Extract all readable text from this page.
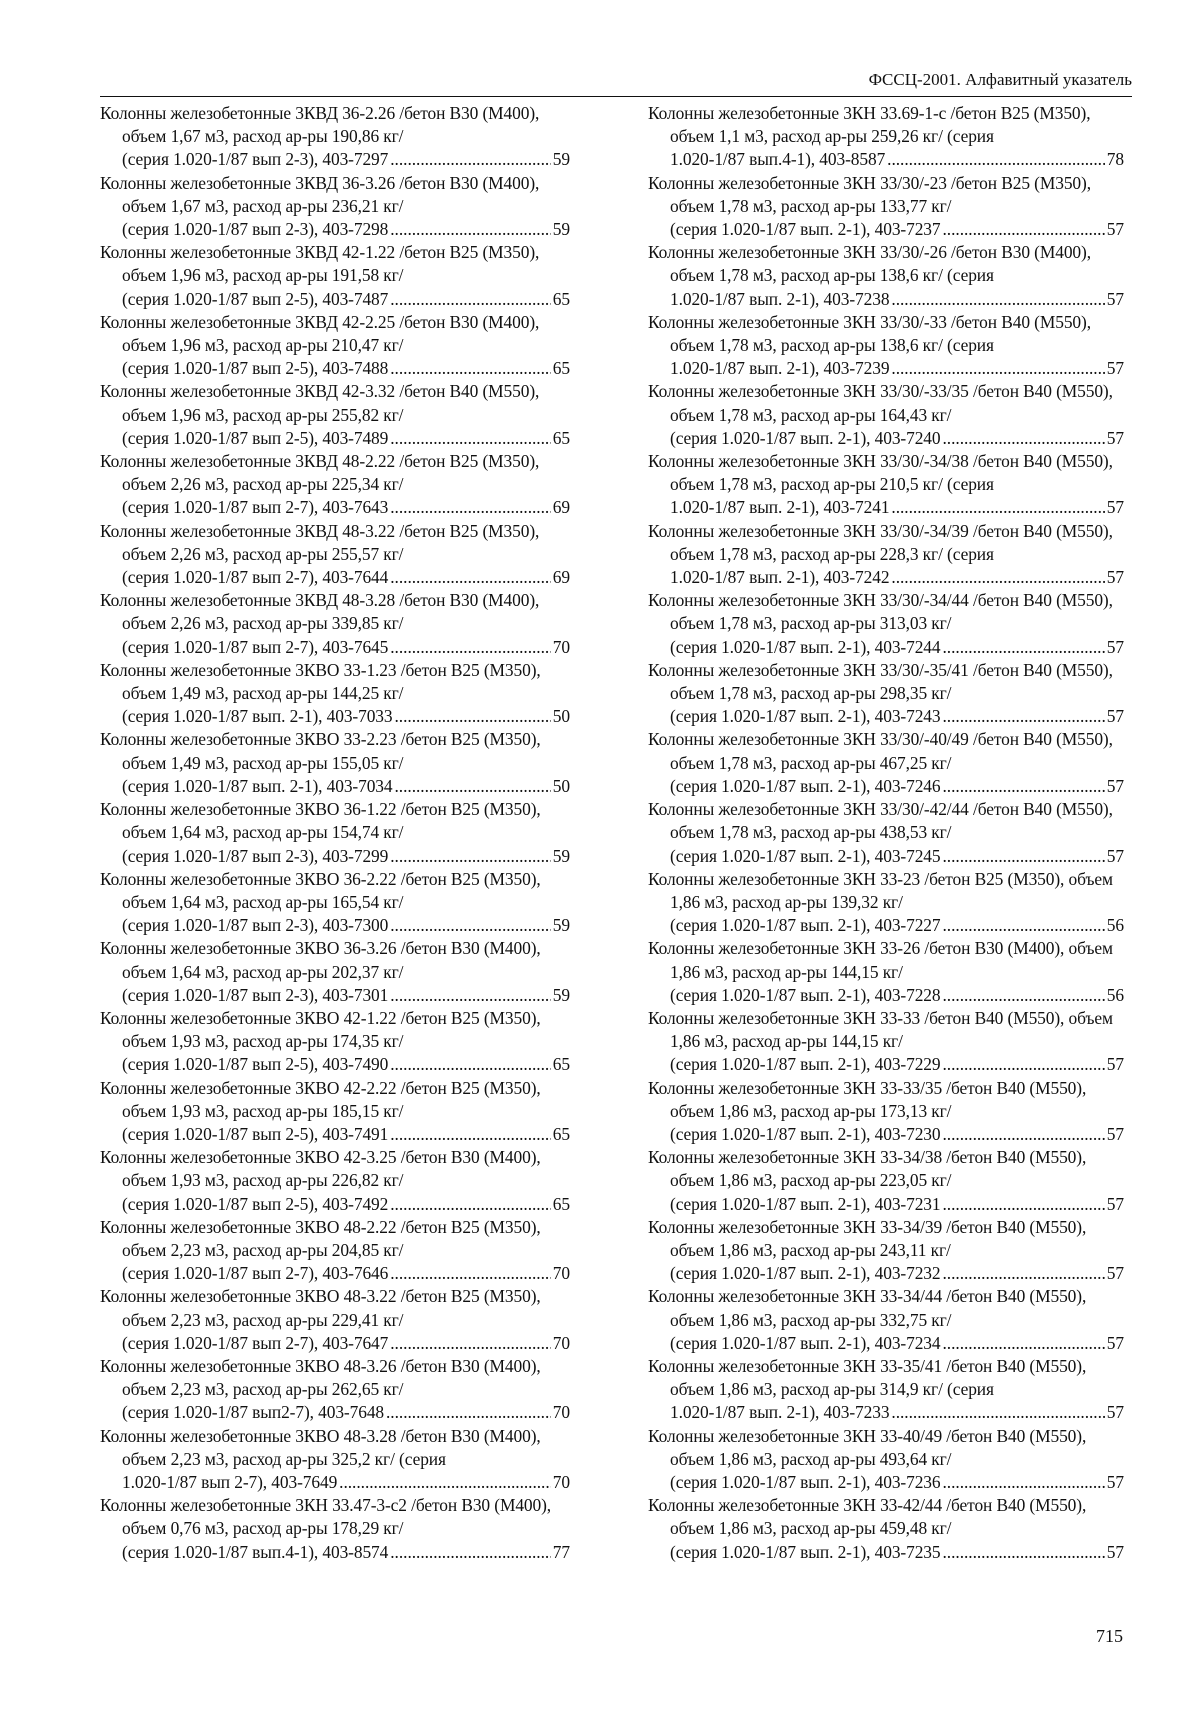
ФССЦ-2001. Алфавитный указатель
Колонны железобетонные 3КВД 36-2.26 /бетон В30 (М400), объем 1,67 м3, расход ар-ры 190,86 кг/
(серия 1.020-1/87 вып 2-3), 403-7297 . . .	59
Колонны железобетонные 3КВД 36-3.26 /бетон В30 (М400), объем 1,67 м3, расход ар-ры 236,21 кг/
(серия 1.020-1/87 вып 2-3), 403-7298 . . .	59
Колонны железобетонные 3КВД 42-1.22 /бетон В25 (М350), объем 1,96 м3, расход ар-ры 191,58 кг/
(серия 1.020-1/87 вып 2-5), 403-7487 . . .	65
Колонны железобетонные 3КВД 42-2.25 /бетон В30 (М400), объем 1,96 м3, расход ар-ры 210,47 кг/
(серия 1.020-1/87 вып 2-5), 403-7488 . . .	65
Колонны железобетонные 3КВД 42-3.32 /бетон В40 (М550), объем 1,96 м3, расход ар-ры 255,82 кг/
(серия 1.020-1/87 вып 2-5), 403-7489 . . .	65
Колонны железобетонные 3КВД 48-2.22 /бетон В25 (М350), объем 2,26 м3, расход ар-ры 225,34 кг/
(серия 1.020-1/87 вып 2-7), 403-7643 . . .	69
Колонны железобетонные 3КВД 48-3.22 /бетон В25 (М350), объем 2,26 м3, расход ар-ры 255,57 кг/
(серия 1.020-1/87 вып 2-7), 403-7644 . . .	69
Колонны железобетонные 3КВД 48-3.28 /бетон В30 (М400), объем 2,26 м3, расход ар-ры 339,85 кг/
(серия 1.020-1/87 вып 2-7), 403-7645 . . .	70
Колонны железобетонные 3КВО 33-1.23 /бетон В25 (М350), объем 1,49 м3, расход ар-ры 144,25 кг/
(серия 1.020-1/87 вып. 2-1), 403-7033 . . .	50
Колонны железобетонные 3КВО 33-2.23 /бетон В25 (М350), объем 1,49 м3, расход ар-ры 155,05 кг/
(серия 1.020-1/87 вып. 2-1), 403-7034 . . .	50
Колонны железобетонные 3КВО 36-1.22 /бетон В25 (М350), объем 1,64 м3, расход ар-ры 154,74 кг/
(серия 1.020-1/87 вып 2-3), 403-7299 . . .	59
Колонны железобетонные 3КВО 36-2.22 /бетон В25 (М350), объем 1,64 м3, расход ар-ры 165,54 кг/
(серия 1.020-1/87 вып 2-3), 403-7300 . . .	59
Колонны железобетонные 3КВО 36-3.26 /бетон В30 (М400), объем 1,64 м3, расход ар-ры 202,37 кг/
(серия 1.020-1/87 вып 2-3), 403-7301 . . .	59
Колонны железобетонные 3КВО 42-1.22 /бетон В25 (М350), объем 1,93 м3, расход ар-ры 174,35 кг/
(серия 1.020-1/87 вып 2-5), 403-7490 . . .	65
Колонны железобетонные 3КВО 42-2.22 /бетон В25 (М350), объем 1,93 м3, расход ар-ры 185,15 кг/
(серия 1.020-1/87 вып 2-5), 403-7491 . . .	65
Колонны железобетонные 3КВО 42-3.25 /бетон В30 (М400), объем 1,93 м3, расход ар-ры 226,82 кг/
(серия 1.020-1/87 вып 2-5), 403-7492 . . .	65
Колонны железобетонные 3КВО 48-2.22 /бетон В25 (М350), объем 2,23 м3, расход ар-ры 204,85 кг/
(серия 1.020-1/87 вып 2-7), 403-7646 . . .	70
Колонны железобетонные 3КВО 48-3.22 /бетон В25 (М350), объем 2,23 м3, расход ар-ры 229,41 кг/
(серия 1.020-1/87 вып 2-7), 403-7647 . . .	70
Колонны железобетонные 3КВО 48-3.26 /бетон В30 (М400), объем 2,23 м3, расход ар-ры 262,65 кг/
(серия 1.020-1/87 вып2-7), 403-7648 . . .	70
Колонны железобетонные 3КВО 48-3.28 /бетон В30 (М400), объем 2,23 м3, расход ар-ры 325,2 кг/ (серия
1.020-1/87 вып 2-7), 403-7649 . . .	70
Колонны железобетонные 3КН 33.47-3-с2 /бетон В30 (М400), объем 0,76 м3, расход ар-ры 178,29 кг/
(серия 1.020-1/87 вып.4-1), 403-8574 . . .	77
Колонны железобетонные 3КН 33.69-1-с /бетон В25 (М350), объем 1,1 м3, расход ар-ры 259,26 кг/ (серия
1.020-1/87 вып.4-1), 403-8587 . . .	78
Колонны железобетонные 3КН 33/30/-23 /бетон В25 (М350), объем 1,78 м3, расход ар-ры 133,77 кг/
(серия 1.020-1/87 вып. 2-1), 403-7237 . . .	57
Колонны железобетонные 3КН 33/30/-26 /бетон В30 (М400), объем 1,78 м3, расход ар-ры 138,6 кг/ (серия
1.020-1/87 вып. 2-1), 403-7238 . . .	57
Колонны железобетонные 3КН 33/30/-33 /бетон В40 (М550), объем 1,78 м3, расход ар-ры 138,6 кг/ (серия
1.020-1/87 вып. 2-1), 403-7239 . . .	57
Колонны железобетонные 3КН 33/30/-33/35 /бетон В40 (М550), объем 1,78 м3, расход ар-ры 164,43 кг/
(серия 1.020-1/87 вып. 2-1), 403-7240 . . .	57
Колонны железобетонные 3КН 33/30/-34/38 /бетон В40 (М550), объем 1,78 м3, расход ар-ры 210,5 кг/ (серия
1.020-1/87 вып. 2-1), 403-7241 . . .	57
Колонны железобетонные 3КН 33/30/-34/39 /бетон В40 (М550), объем 1,78 м3, расход ар-ры 228,3 кг/ (серия
1.020-1/87 вып. 2-1), 403-7242 . . .	57
Колонны железобетонные 3КН 33/30/-34/44 /бетон В40 (М550), объем 1,78 м3, расход ар-ры 313,03 кг/
(серия 1.020-1/87 вып. 2-1), 403-7244 . . .	57
Колонны железобетонные 3КН 33/30/-35/41 /бетон В40 (М550), объем 1,78 м3, расход ар-ры 298,35 кг/
(серия 1.020-1/87 вып. 2-1), 403-7243 . . .	57
Колонны железобетонные 3КН 33/30/-40/49 /бетон В40 (М550), объем 1,78 м3, расход ар-ры 467,25 кг/
(серия 1.020-1/87 вып. 2-1), 403-7246 . . .	57
Колонны железобетонные 3КН 33/30/-42/44 /бетон В40 (М550), объем 1,78 м3, расход ар-ры 438,53 кг/
(серия 1.020-1/87 вып. 2-1), 403-7245 . . .	57
Колонны железобетонные 3КН 33-23 /бетон В25 (М350), объем 1,86 м3, расход ар-ры 139,32 кг/
(серия 1.020-1/87 вып. 2-1), 403-7227 . . .	56
Колонны железобетонные 3КН 33-26 /бетон В30 (М400), объем 1,86 м3, расход ар-ры 144,15 кг/
(серия 1.020-1/87 вып. 2-1), 403-7228 . . .	56
Колонны железобетонные 3КН 33-33 /бетон В40 (М550), объем 1,86 м3, расход ар-ры 144,15 кг/
(серия 1.020-1/87 вып. 2-1), 403-7229 . . .	57
Колонны железобетонные 3КН 33-33/35 /бетон В40 (М550), объем 1,86 м3, расход ар-ры 173,13 кг/
(серия 1.020-1/87 вып. 2-1), 403-7230 . . .	57
Колонны железобетонные 3КН 33-34/38 /бетон В40 (М550), объем 1,86 м3, расход ар-ры 223,05 кг/
(серия 1.020-1/87 вып. 2-1), 403-7231 . . .	57
Колонны железобетонные 3КН 33-34/39 /бетон В40 (М550), объем 1,86 м3, расход ар-ры 243,11 кг/
(серия 1.020-1/87 вып. 2-1), 403-7232 . . .	57
Колонны железобетонные 3КН 33-34/44 /бетон В40 (М550), объем 1,86 м3, расход ар-ры 332,75 кг/
(серия 1.020-1/87 вып. 2-1), 403-7234 . . .	57
Колонны железобетонные 3КН 33-35/41 /бетон В40 (М550), объем 1,86 м3, расход ар-ры 314,9 кг/ (серия
1.020-1/87 вып. 2-1), 403-7233 . . .	57
Колонны железобетонные 3КН 33-40/49 /бетон В40 (М550), объем 1,86 м3, расход ар-ры 493,64 кг/
(серия 1.020-1/87 вып. 2-1), 403-7236 . . .	57
Колонны железобетонные 3КН 33-42/44 /бетон В40 (М550), объем 1,86 м3, расход ар-ры 459,48 кг/
(серия 1.020-1/87 вып. 2-1), 403-7235 . . .	57
715
